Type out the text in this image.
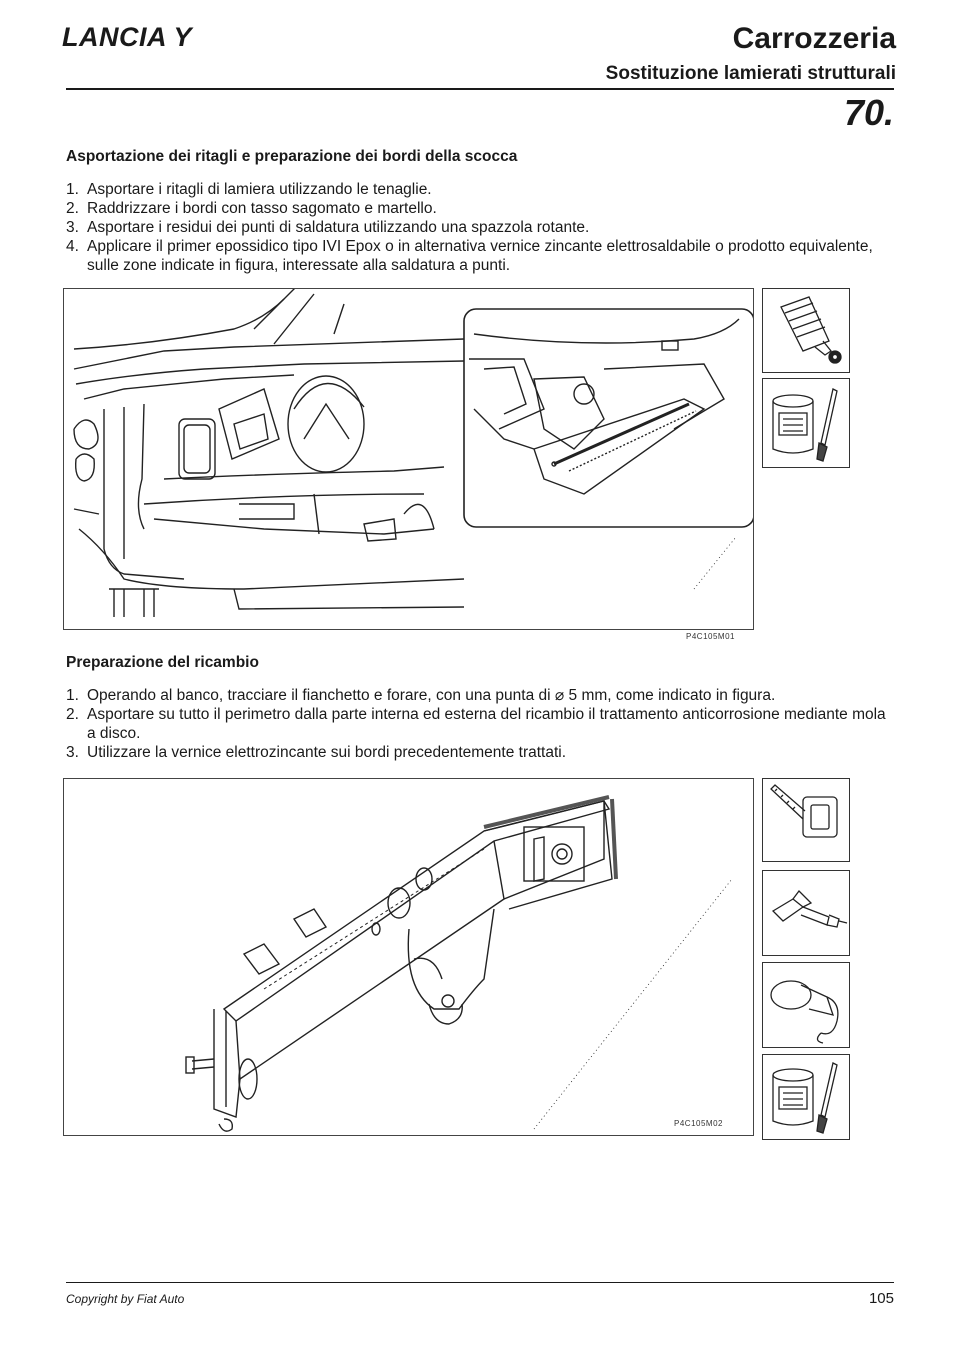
LANCIA Y	Carrozzeria
Sostituzione lamierati strutturali
70.
Asportazione dei ritagli e preparazione dei bordi della scocca
1. Asportare i ritagli di lamiera utilizzando le tenaglie.
2. Raddrizzare i bordi con tasso sagomato e martello.
3. Asportare i residui dei punti di saldatura utilizzando una spazzola rotante.
4. Applicare il primer epossidico tipo IVI Epox o in alternativa vernice zincante elettrosaldabile o prodotto equivalente, sulle zone indicate in figura, interessate alla saldatura a punti.
P4C105M01
Preparazione del ricambio
1. Operando al banco, tracciare il fianchetto e forare, con una punta di ⌀ 5 mm, come indicato in figura.
2. Asportare su tutto il perimetro dalla parte interna ed esterna del ricambio il trattamento anticorrosione mediante mola a disco.
3. Utilizzare la vernice elettrozincante sui bordi precedentemente trattati.
P4C105M02
Copyright by Fiat Auto	105
